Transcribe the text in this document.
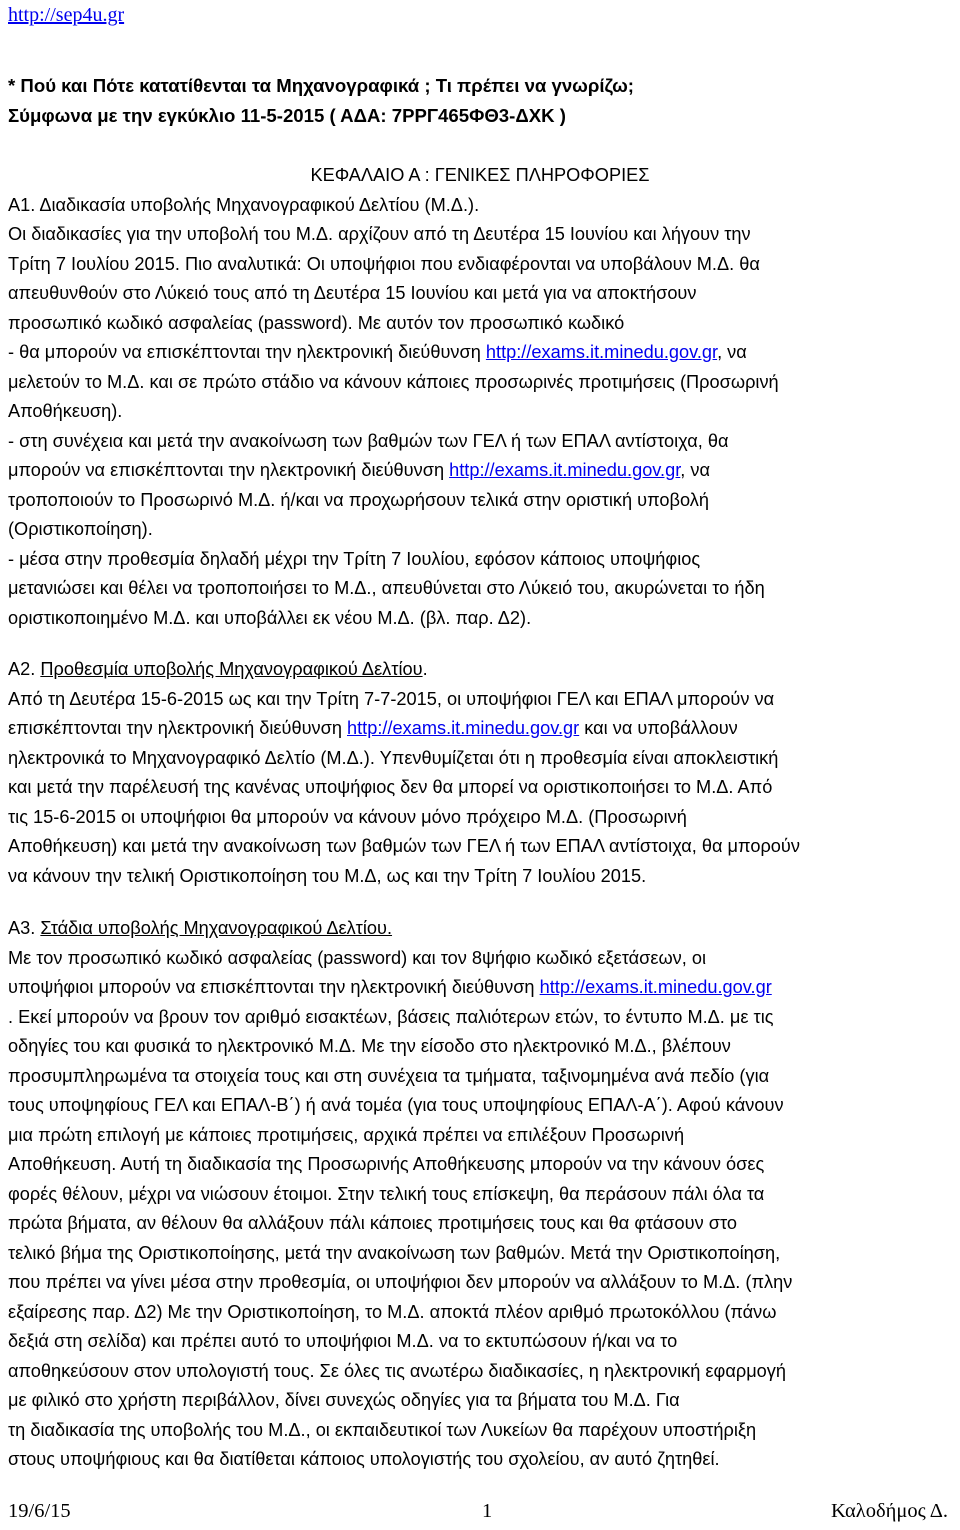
http://sep4u.gr
* Πού και Πότε κατατίθενται τα Μηχανογραφικά ; Τι πρέπει να γνωρίζω;
Σύμφωνα με την εγκύκλιο 11-5-2015 ( ΑΔΑ: 7ΡΡΓ465ΦΘ3-ΔΧΚ )
ΚΕΦΑΛΑΙΟ Α : ΓΕΝΙΚΕΣ ΠΛΗΡΟΦΟΡΙΕΣ
Α1. Διαδικασία υποβολής Μηχανογραφικού Δελτίου (Μ.Δ.).
Οι διαδικασίες για την υποβολή του Μ.Δ. αρχίζουν από τη Δευτέρα 15 Ιουνίου και λήγουν την
Τρίτη 7 Ιουλίου 2015. Πιο αναλυτικά: Οι υποψήφιοι που ενδιαφέρονται να υποβάλουν Μ.Δ. θα
απευθυνθούν στο Λύκειό τους από τη Δευτέρα 15 Ιουνίου και μετά για να αποκτήσουν
προσωπικό κωδικό ασφαλείας (password). Με αυτόν τον προσωπικό κωδικό
- θα μπορούν να επισκέπτονται την ηλεκτρονική διεύθυνση http://exams.it.minedu.gov.gr, να
μελετούν το Μ.Δ. και σε πρώτο στάδιο να κάνουν κάποιες προσωρινές προτιμήσεις (Προσωρινή
Αποθήκευση).
- στη συνέχεια και μετά την ανακοίνωση των βαθμών των ΓΕΛ ή των ΕΠΑΛ αντίστοιχα, θα
μπορούν να επισκέπτονται την ηλεκτρονική διεύθυνση http://exams.it.minedu.gov.gr, να
τροποποιούν το Προσωρινό Μ.Δ. ή/και να προχωρήσουν τελικά στην οριστική υποβολή
(Οριστικοποίηση).
- μέσα στην προθεσμία δηλαδή μέχρι την Τρίτη 7 Ιουλίου, εφόσον κάποιος υποψήφιος
μετανιώσει και θέλει να τροποποιήσει το Μ.Δ., απευθύνεται στο Λύκειό του, ακυρώνεται το ήδη
οριστικοποιημένο Μ.Δ. και υποβάλλει εκ νέου Μ.Δ. (βλ. παρ. Δ2).
Α2. Προθεσμία υποβολής Μηχανογραφικού Δελτίου.
Από τη Δευτέρα 15-6-2015 ως και την Τρίτη 7-7-2015, οι υποψήφιοι ΓΕΛ και ΕΠΑΛ μπορούν να
επισκέπτονται την ηλεκτρονική διεύθυνση http://exams.it.minedu.gov.gr και να υποβάλλουν
ηλεκτρονικά το Μηχανογραφικό Δελτίο (Μ.Δ.). Υπενθυμίζεται ότι η προθεσμία είναι αποκλειστική
και μετά την παρέλευσή της κανένας υποψήφιος δεν θα μπορεί να οριστικοποιήσει το Μ.Δ. Από
τις 15-6-2015 οι υποψήφιοι θα μπορούν να κάνουν μόνο πρόχειρο Μ.Δ. (Προσωρινή
Αποθήκευση) και μετά την ανακοίνωση των βαθμών των ΓΕΛ ή των ΕΠΑΛ αντίστοιχα, θα μπορούν
να κάνουν την τελική Οριστικοποίηση του Μ.Δ, ως και την Τρίτη 7 Ιουλίου 2015.
Α3. Στάδια υποβολής Μηχανογραφικού Δελτίου.
Με τον προσωπικό κωδικό ασφαλείας (password) και τον 8ψήφιο κωδικό εξετάσεων, οι
υποψήφιοι μπορούν να επισκέπτονται την ηλεκτρονική διεύθυνση http://exams.it.minedu.gov.gr
. Εκεί μπορούν να βρουν τον αριθμό εισακτέων, βάσεις παλιότερων ετών, το έντυπο Μ.Δ. με τις
οδηγίες του και φυσικά το ηλεκτρονικό Μ.Δ. Με την είσοδο στο ηλεκτρονικό Μ.Δ., βλέπουν
προσυμπληρωμένα τα στοιχεία τους και στη συνέχεια τα τμήματα, ταξινομημένα ανά πεδίο (για
τους υποψηφίους ΓΕΛ και ΕΠΑΛ-Β΄) ή ανά τομέα (για τους υποψηφίους ΕΠΑΛ-Α΄). Αφού κάνουν
μια πρώτη επιλογή με κάποιες προτιμήσεις, αρχικά πρέπει να επιλέξουν Προσωρινή
Αποθήκευση. Αυτή τη διαδικασία της Προσωρινής Αποθήκευσης μπορούν να την κάνουν όσες
φορές θέλουν, μέχρι να νιώσουν έτοιμοι. Στην τελική τους επίσκεψη, θα περάσουν πάλι όλα τα
πρώτα βήματα, αν θέλουν θα αλλάξουν πάλι κάποιες προτιμήσεις τους και θα φτάσουν στο
τελικό βήμα της Οριστικοποίησης, μετά την ανακοίνωση των βαθμών. Μετά την Οριστικοποίηση,
που πρέπει να γίνει μέσα στην προθεσμία, οι υποψήφιοι δεν μπορούν να αλλάξουν το Μ.Δ. (πλην
εξαίρεσης παρ. Δ2) Με την Οριστικοποίηση, το Μ.Δ. αποκτά πλέον αριθμό πρωτοκόλλου (πάνω
δεξιά στη σελίδα) και πρέπει αυτό το υποψήφιοι Μ.Δ. να το εκτυπώσουν ή/και να το
αποθηκεύσουν στον υπολογιστή τους. Σε όλες τις ανωτέρω διαδικασίες, η ηλεκτρονική εφαρμογή
με φιλικό στο χρήστη περιβάλλον, δίνει συνεχώς οδηγίες για τα βήματα του Μ.Δ. Για
τη διαδικασία της υποβολής του Μ.Δ., οι εκπαιδευτικοί των Λυκείων θα παρέχουν υποστήριξη
στους υποψήφιους και θα διατίθεται κάποιος υπολογιστής του σχολείου, αν αυτό ζητηθεί.
19/6/15	1	Καλοδήμος Δ.
